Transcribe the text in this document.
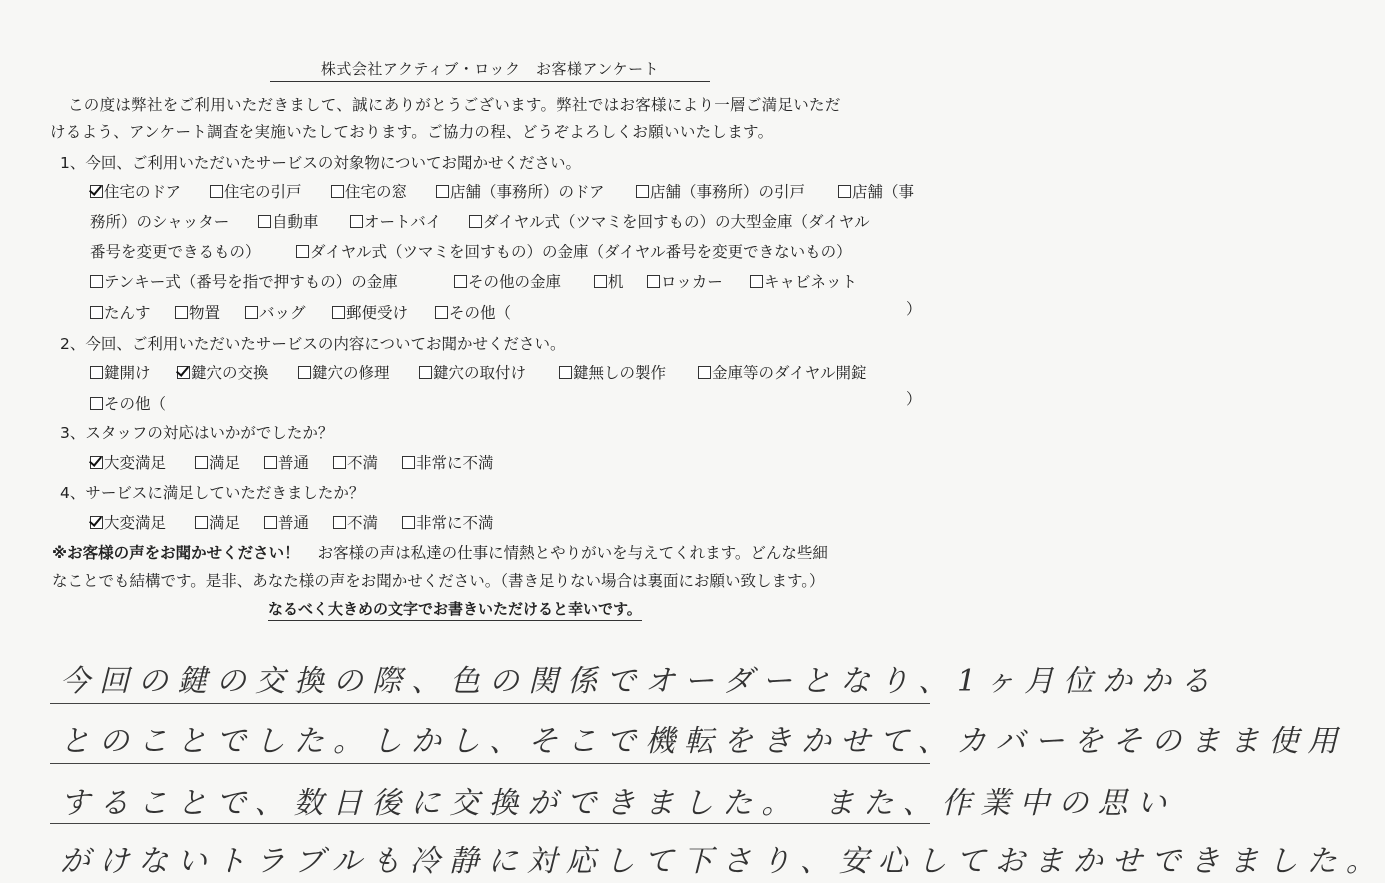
株式会社アクティブ・ロック　お客様アンケート
この度は弊社をご利用いただきまして、誠にありがとうございます。弊社ではお客様により一層ご満足いただ
けるよう、アンケート調査を実施いたしております。ご協力の程、どうぞよろしくお願いいたします。
1、今回、ご利用いただいたサービスの対象物についてお聞かせください。
住宅のドア	住宅の引戸	住宅の窓	店舗（事務所）のドア	店舗（事務所）の引戸	店舗（事
務所）のシャッター	自動車	オートバイ	ダイヤル式（ツマミを回すもの）の大型金庫（ダイヤル
番号を変更できるもの）	ダイヤル式（ツマミを回すもの）の金庫（ダイヤル番号を変更できないもの）
テンキー式（番号を指で押すもの）の金庫	その他の金庫	机	ロッカー	キャビネット
たんす	物置	バッグ	郵便受け	その他（	）
2、今回、ご利用いただいたサービスの内容についてお聞かせください。
鍵開け	鍵穴の交換	鍵穴の修理	鍵穴の取付け	鍵無しの製作	金庫等のダイヤル開錠
その他（	）
3、スタッフの対応はいかがでしたか？
大変満足	満足	普通	不満	非常に不満
4、サービスに満足していただきましたか？
大変満足	満足	普通	不満	非常に不満
※お客様の声をお聞かせください！ お客様の声は私達の仕事に情熱とやりがいを与えてくれます。どんな些細
なことでも結構です。是非、あなた様の声をお聞かせください。（書き足りない場合は裏面にお願い致します。）
なるべく大きめの文字でお書きいただけると幸いです。
今回の鍵の交換の際、色の関係でオーダーとなり、1ヶ月位かかる
とのことでした。しかし、そこで機転をきかせて、カバーをそのまま使用
することで、数日後に交換ができました。　また、作業中の思い
がけないトラブルも冷静に対応して下さり、安心しておまかせできました。
